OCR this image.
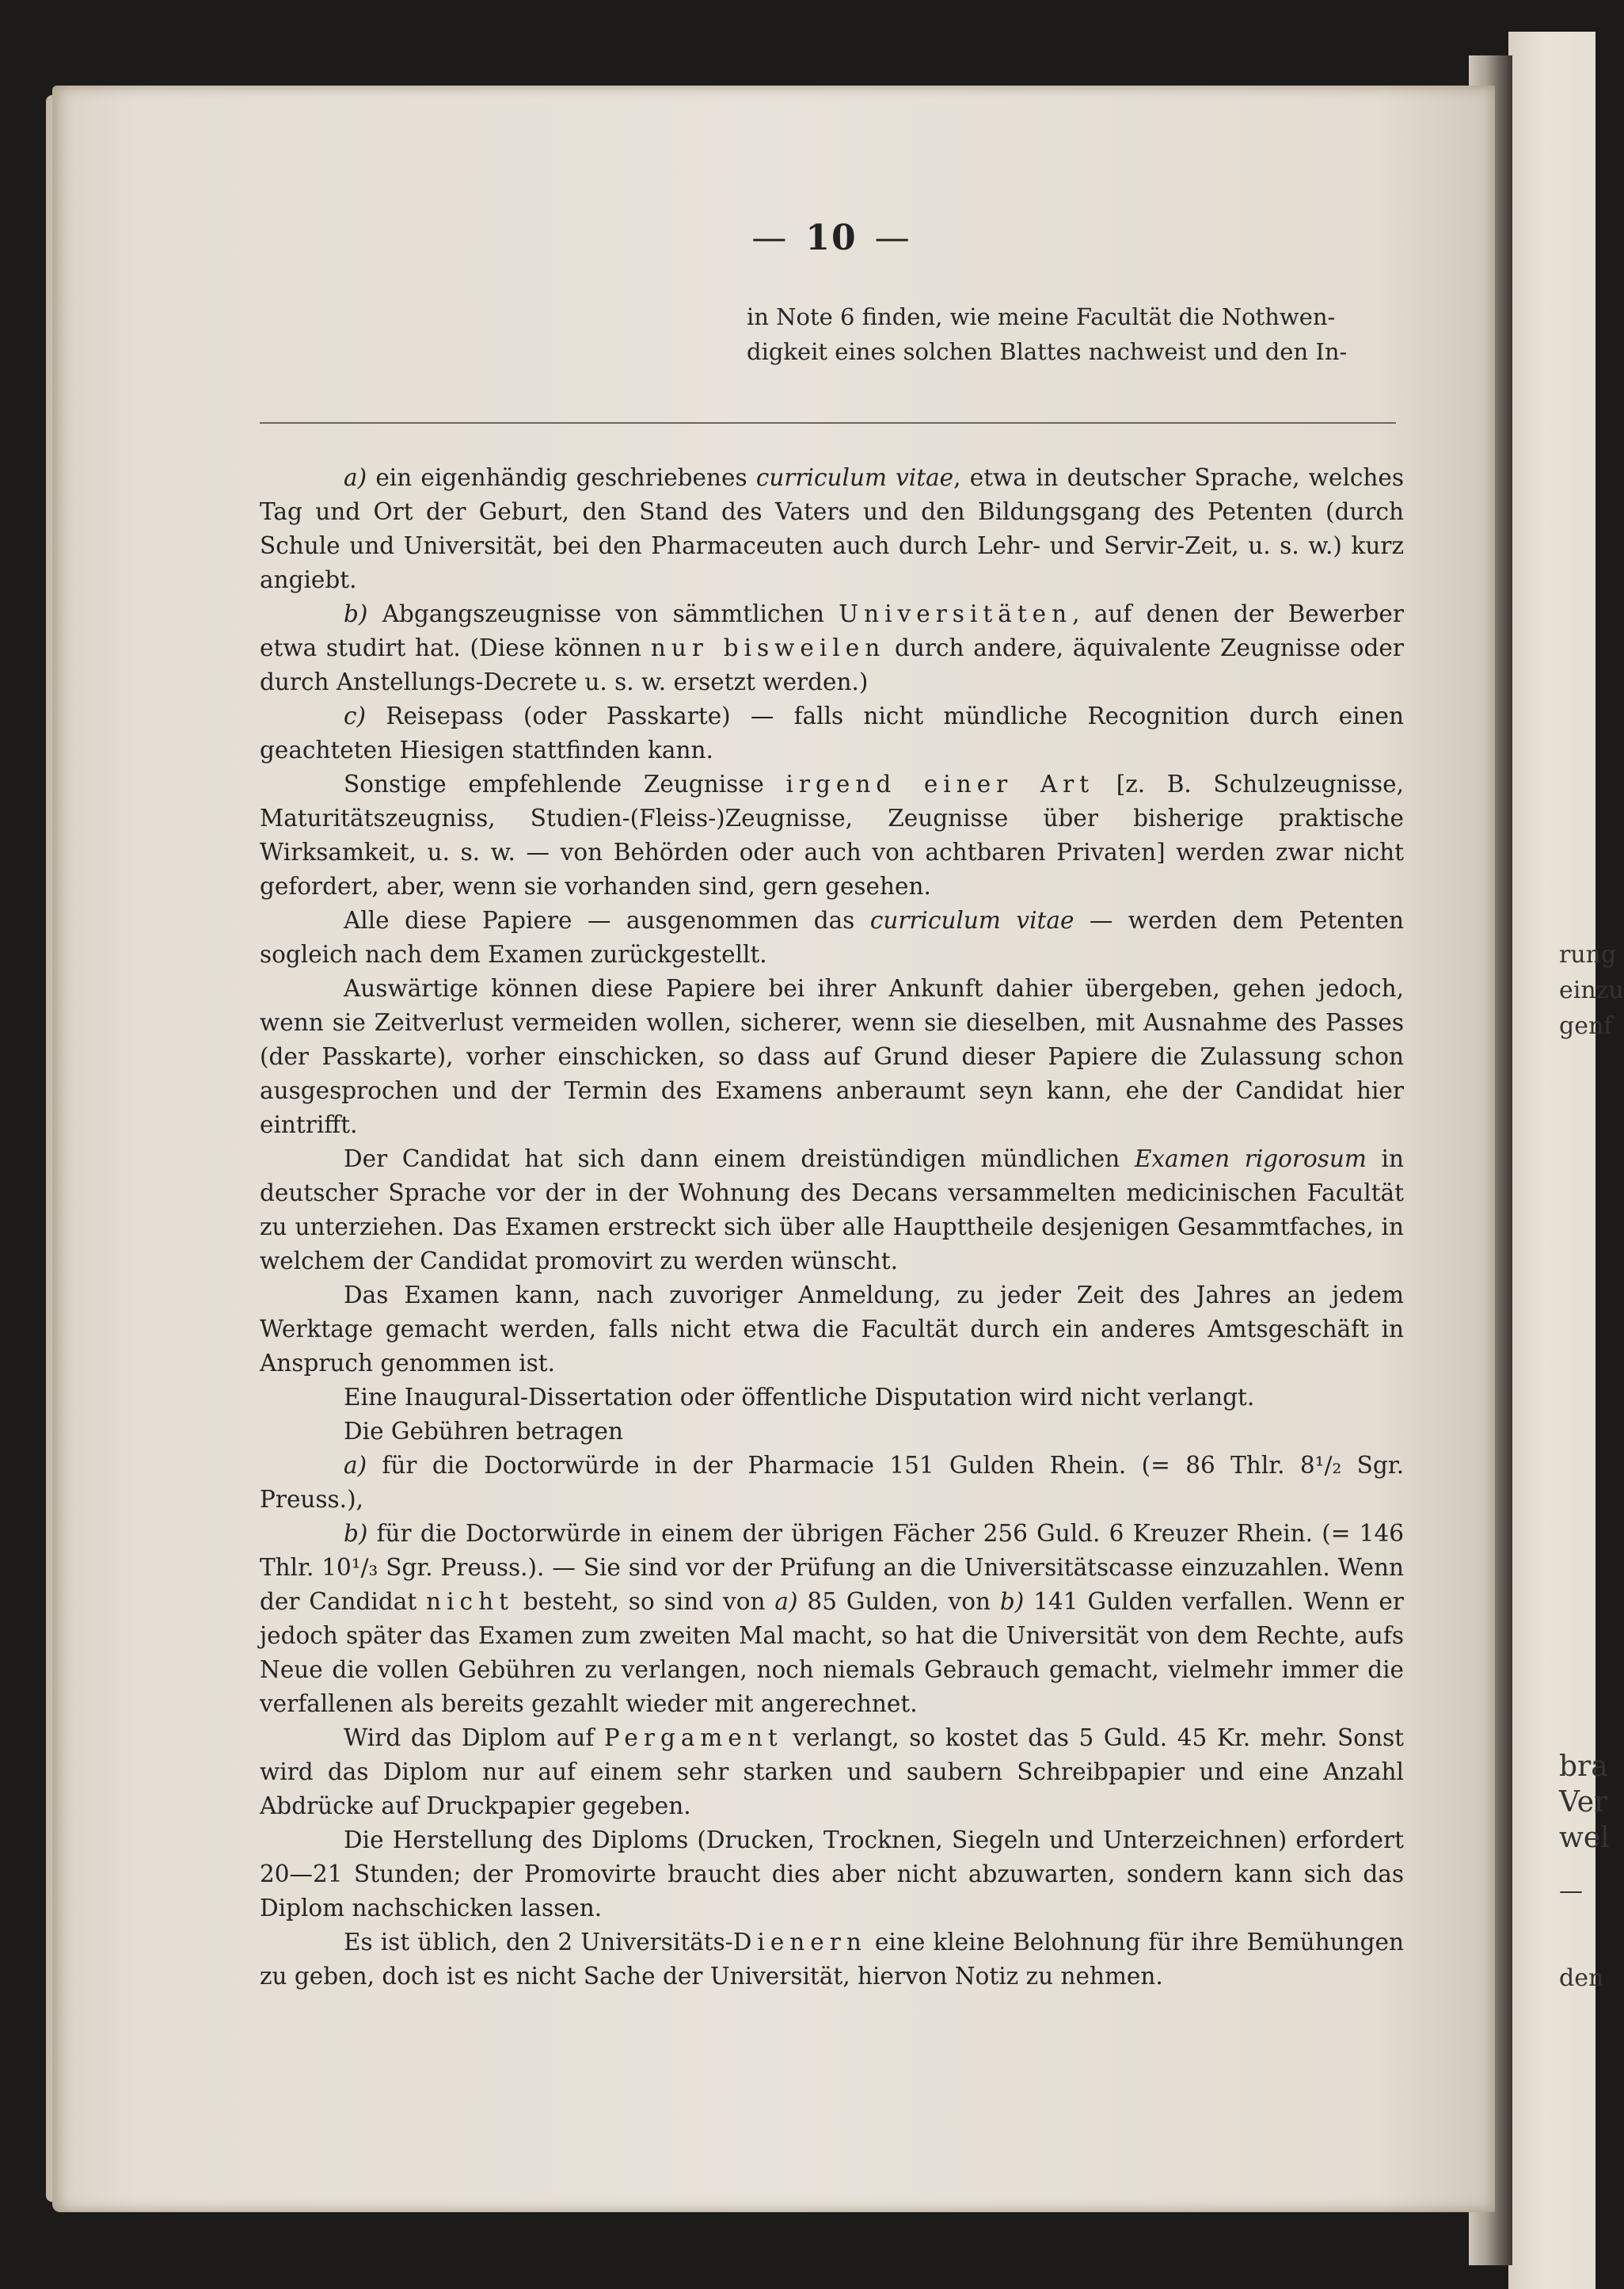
rung
einzu
genf
bra
Ver
wel
—
den
— 10 —

in Note 6 finden, wie meine Facultät die Nothwen-

digkeit eines solchen Blattes nachweist und den In-

a) ein eigenhändig geschriebenes curriculum vitae, etwa in deutscher Sprache, welches Tag und Ort der Geburt, den Stand des Vaters und den Bildungsgang des Petenten (durch Schule und Universität, bei den Pharmaceuten auch durch Lehr- und Servir-Zeit, u. s. w.) kurz angiebt.

b) Abgangszeugnisse von sämmtlichen Universitäten, auf denen der Bewerber etwa studirt hat. (Diese können nur bisweilen durch andere, äquivalente Zeugnisse oder durch Anstellungs-Decrete u. s. w. ersetzt werden.)

c) Reisepass (oder Passkarte) — falls nicht mündliche Recognition durch einen geachteten Hiesigen stattfinden kann.

Sonstige empfehlende Zeugnisse irgend einer Art [z. B. Schulzeugnisse, Maturitätszeugniss, Studien-(Fleiss-)Zeugnisse, Zeugnisse über bisherige praktische Wirksamkeit, u. s. w. — von Behörden oder auch von achtbaren Privaten] werden zwar nicht gefordert, aber, wenn sie vorhanden sind, gern gesehen.

Alle diese Papiere — ausgenommen das curriculum vitae — werden dem Petenten sogleich nach dem Examen zurückgestellt.

Auswärtige können diese Papiere bei ihrer Ankunft dahier übergeben, gehen jedoch, wenn sie Zeitverlust vermeiden wollen, sicherer, wenn sie dieselben, mit Ausnahme des Passes (der Passkarte), vorher einschicken, so dass auf Grund dieser Papiere die Zulassung schon ausgesprochen und der Termin des Examens anberaumt seyn kann, ehe der Candidat hier eintrifft.

Der Candidat hat sich dann einem dreistündigen mündlichen Examen rigorosum in deutscher Sprache vor der in der Wohnung des Decans versammelten medicinischen Facultät zu unterziehen. Das Examen erstreckt sich über alle Haupttheile desjenigen Gesammtfaches, in welchem der Candidat promovirt zu werden wünscht.

Das Examen kann, nach zuvoriger Anmeldung, zu jeder Zeit des Jahres an jedem Werktage gemacht werden, falls nicht etwa die Facultät durch ein anderes Amtsgeschäft in Anspruch genommen ist.

Eine Inaugural-Dissertation oder öffentliche Disputation wird nicht verlangt.

Die Gebühren betragen

a) für die Doctorwürde in der Pharmacie 151 Gulden Rhein. (= 86 Thlr. 8¹/₂ Sgr. Preuss.),

b) für die Doctorwürde in einem der übrigen Fächer 256 Guld. 6 Kreuzer Rhein. (= 146 Thlr. 10¹/₃ Sgr. Preuss.). — Sie sind vor der Prüfung an die Universitätscasse einzuzahlen. Wenn der Candidat nicht besteht, so sind von a) 85 Gulden, von b) 141 Gulden verfallen. Wenn er jedoch später das Examen zum zweiten Mal macht, so hat die Universität von dem Rechte, aufs Neue die vollen Gebühren zu verlangen, noch niemals Gebrauch gemacht, vielmehr immer die verfallenen als bereits gezahlt wieder mit angerechnet.

Wird das Diplom auf Pergament verlangt, so kostet das 5 Guld. 45 Kr. mehr. Sonst wird das Diplom nur auf einem sehr starken und saubern Schreibpapier und eine Anzahl Abdrücke auf Druckpapier gegeben.

Die Herstellung des Diploms (Drucken, Trocknen, Siegeln und Unterzeichnen) erfordert 20—21 Stunden; der Promovirte braucht dies aber nicht abzuwarten, sondern kann sich das Diplom nachschicken lassen.

Es ist üblich, den 2 Universitäts-Dienern eine kleine Belohnung für ihre Bemühungen zu geben, doch ist es nicht Sache der Universität, hiervon Notiz zu nehmen.
